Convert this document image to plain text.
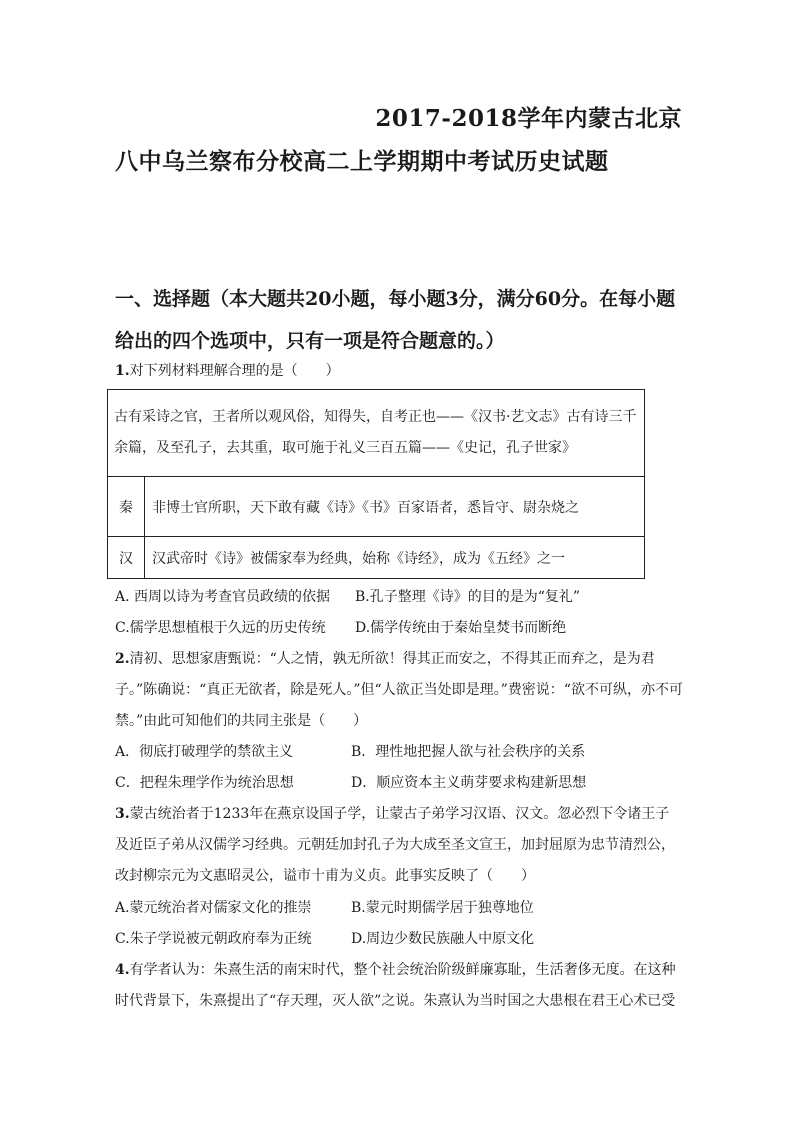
2017-2018学年内蒙古北京
八中乌兰察布分校高二上学期期中考试历史试题
一、选择题（本大题共20小题，每小题3分，满分60分。在每小题给出的四个选项中，只有一项是符合题意的。）
1.对下列材料理解合理的是（　　）
古有采诗之官，王者所以观风俗，知得失，自考正也——《汉书·艺文志》古有诗三千余篇，及至孔子，去其重，取可施于礼义三百五篇——《史记，孔子世家》
秦	非博士官所职，天下敢有藏《诗》《书》百家语者，悉旨守、尉杂烧之
汉	汉武帝时《诗》被儒家奉为经典，始称《诗经》，成为《五经》之一
A. 西周以诗为考查官员政绩的依据	B.孔子整理《诗》的目的是为“复礼”
C.儒学思想植根于久远的历史传统	D.儒学传统由于秦始皇焚书而断绝
2.清初、思想家唐甄说：“人之情，孰无所欲！得其正而安之，不得其正而弃之，是为君子。”陈确说：“真正无欲者，除是死人。”但“人欲正当处即是理。”费密说：“欲不可纵，亦不可禁。”由此可知他们的共同主张是（　　）
A．彻底打破理学的禁欲主义	B．理性地把握人欲与社会秩序的关系
C．把程朱理学作为统治思想	D．顺应资本主义萌芽要求构建新思想
3.蒙古统治者于1233年在燕京设国子学，让蒙古子弟学习汉语、汉文。忽必烈下令诸王子及近臣子弟从汉儒学习经典。元朝廷加封孔子为大成至圣文宣王，加封屈原为忠节清烈公，改封柳宗元为文惠昭灵公，谥市十甫为义贞。此事实反映了（　　）
A.蒙元统治者对儒家文化的推崇	B.蒙元时期儒学居于独尊地位
C.朱子学说被元朝政府奉为正统	D.周边少数民族融人中原文化
4.有学者认为：朱熹生活的南宋时代，整个社会统治阶级鲜廉寡耻，生活奢侈无度。在这种时代背景下，朱熹提出了“存天理，灭人欲”之说。朱熹认为当时国之大患根在君王心术已受
